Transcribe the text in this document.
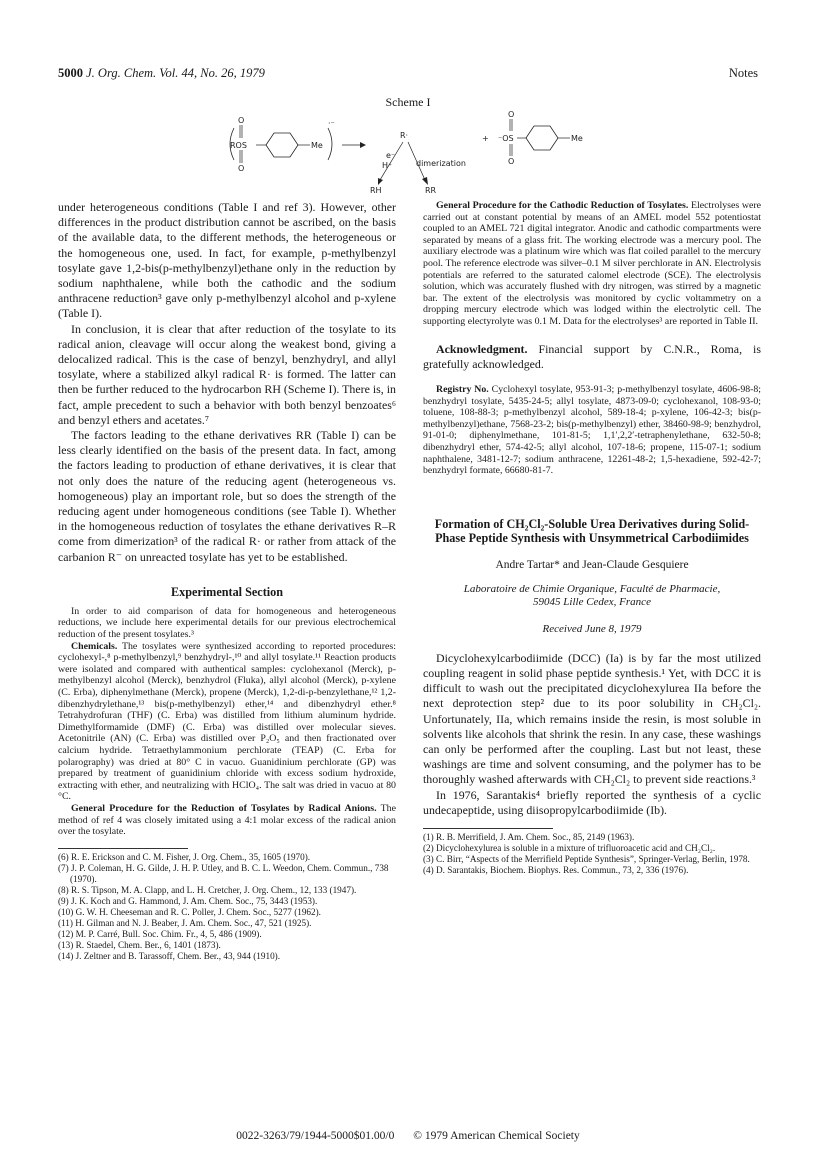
5000 J. Org. Chem. Vol. 44, No. 26, 1979	Notes
Scheme I
ROS
O
O
Me
·⁻
R·
e⁻
H⁺	dimerization
RH	RR
+ ⁻OS
O
O
Me

under heterogeneous conditions (Table I and ref 3). However, other differences in the product distribution cannot be ascribed, on the basis of the available data, to the different methods, the heterogeneous or the homogeneous one, used. In fact, for example, p-methylbenzyl tosylate gave 1,2-bis(p-methylbenzyl)ethane only in the reduction by sodium naphthalene, while both the cathodic and the sodium anthracene reduction³ gave only p-methylbenzyl alcohol and p-xylene (Table I).

In conclusion, it is clear that after reduction of the tosylate to its radical anion, cleavage will occur along the weakest bond, giving a delocalized radical. This is the case of benzyl, benzhydryl, and allyl tosylate, where a stabilized alkyl radical R· is formed. The latter can then be further reduced to the hydrocarbon RH (Scheme I). There is, in fact, ample precedent to such a behavior with both benzyl benzoates⁶ and benzyl ethers and acetates.⁷

The factors leading to the ethane derivatives RR (Table I) can be less clearly identified on the basis of the present data. In fact, among the factors leading to production of ethane derivatives, it is clear that not only does the nature of the reducing agent (heterogeneous vs. homogeneous) play an important role, but so does the strength of the reducing agent under homogeneous conditions (see Table I). Whether in the homogeneous reduction of tosylates the ethane derivatives R–R come from dimerization³ of the radical R· or rather from attack of the carbanion R⁻ on unreacted tosylate has yet to be established.

Experimental Section

In order to aid comparison of data for homogeneous and heterogeneous reductions, we include here experimental details for our previous electrochemical reduction of the present tosylates.³

Chemicals. The tosylates were synthesized according to reported procedures: cyclohexyl-,⁸ p-methylbenzyl,⁹ benzhydryl-,¹⁰ and allyl tosylate.¹¹ Reaction products were isolated and compared with authentical samples: cyclohexanol (Merck), p-methylbenzyl alcohol (Merck), benzhydrol (Fluka), allyl alcohol (Merck), p-xylene (C. Erba), diphenylmethane (Merck), propene (Merck), 1,2-di-p-benzylethane,¹² 1,2-dibenzhydrylethane,¹³ bis(p-methylbenzyl) ether,¹⁴ and dibenzhydryl ether.⁸ Tetrahydrofuran (THF) (C. Erba) was distilled from lithium aluminum hydride. Dimethylformamide (DMF) (C. Erba) was distilled over molecular sieves. Acetonitrile (AN) (C. Erba) was distilled over P₂O₅ and then fractionated over calcium hydride. Tetraethylammonium perchlorate (TEAP) (C. Erba for polarography) was dried at 80° C in vacuo. Guanidinium perchlorate (GP) was prepared by treatment of guanidinium chloride with excess sodium hydroxide, extracting with ether, and neutralizing with HClO₄. The salt was dried in vacuo at 80 °C.

General Procedure for the Reduction of Tosylates by Radical Anions. The method of ref 4 was closely imitated using a 4:1 molar excess of the radical anion over the tosylate.

(6) R. E. Erickson and C. M. Fisher, J. Org. Chem., 35, 1605 (1970).

(7) J. P. Coleman, H. G. Gilde, J. H. P. Utley, and B. C. L. Weedon, Chem. Commun., 738 (1970).

(8) R. S. Tipson, M. A. Clapp, and L. H. Cretcher, J. Org. Chem., 12, 133 (1947).

(9) J. K. Koch and G. Hammond, J. Am. Chem. Soc., 75, 3443 (1953).

(10) G. W. H. Cheeseman and R. C. Poller, J. Chem. Soc., 5277 (1962).

(11) H. Gilman and N. J. Beaber, J. Am. Chem. Soc., 47, 521 (1925).

(12) M. P. Carré, Bull. Soc. Chim. Fr., 4, 5, 486 (1909).

(13) R. Staedel, Chem. Ber., 6, 1401 (1873).

(14) J. Zeltner and B. Tarassoff, Chem. Ber., 43, 944 (1910).

General Procedure for the Cathodic Reduction of Tosylates. Electrolyses were carried out at constant potential by means of an AMEL model 552 potentiostat coupled to an AMEL 721 digital integrator. Anodic and cathodic compartments were separated by means of a glass frit. The working electrode was a mercury pool. The auxiliary electrode was a platinum wire which was flat coiled parallel to the mercury pool. The reference electrode was silver–0.1 M silver perchlorate in AN. Electrolysis potentials are referred to the saturated calomel electrode (SCE). The electrolysis solution, which was accurately flushed with dry nitrogen, was stirred by a magnetic bar. The extent of the electrolysis was monitored by cyclic voltammetry on a dropping mercury electrode which was lodged within the electrolytic cell. The supporting electyrolyte was 0.1 M. Data for the electrolyses³ are reported in Table II.

Acknowledgment. Financial support by C.N.R., Roma, is gratefully acknowledged.

Registry No. Cyclohexyl tosylate, 953-91-3; p-methylbenzyl tosylate, 4606-98-8; benzhydryl tosylate, 5435-24-5; allyl tosylate, 4873-09-0; cyclohexanol, 108-93-0; toluene, 108-88-3; p-methylbenzyl alcohol, 589-18-4; p-xylene, 106-42-3; bis(p-methylbenzyl)ethane, 7568-23-2; bis(p-methylbenzyl) ether, 38460-98-9; benzhydrol, 91-01-0; diphenylmethane, 101-81-5; 1,1′,2,2′-tetraphenylethane, 632-50-8; dibenzhydryl ether, 574-42-5; allyl alcohol, 107-18-6; propene, 115-07-1; sodium naphthalene, 3481-12-7; sodium anthracene, 12261-48-2; 1,5-hexadiene, 592-42-7; benzhydryl formate, 66680-81-7.

Formation of CH₂Cl₂-Soluble Urea Derivatives during Solid-Phase Peptide Synthesis with Unsymmetrical Carbodiimides
Andre Tartar* and Jean-Claude Gesquiere
Laboratoire de Chimie Organique, Faculté de Pharmacie,
59045 Lille Cedex, France
Received June 8, 1979

Dicyclohexylcarbodiimide (DCC) (Ia) is by far the most utilized coupling reagent in solid phase peptide synthesis.¹ Yet, with DCC it is difficult to wash out the precipitated dicyclohexylurea IIa before the next deprotection step² due to its poor solubility in CH₂Cl₂. Unfortunately, IIa, which remains inside the resin, is most soluble in solvents like alcohols that shrink the resin. In any case, these washings can only be performed after the coupling. Last but not least, these washings are time and solvent consuming, and the polymer has to be thoroughly washed afterwards with CH₂Cl₂ to prevent side reactions.³

In 1976, Sarantakis⁴ briefly reported the synthesis of a cyclic undecapeptide, using diisopropylcarbodiimide (Ib).

(1) R. B. Merrifield, J. Am. Chem. Soc., 85, 2149 (1963).

(2) Dicyclohexylurea is soluble in a mixture of trifluoroacetic acid and CH₂Cl₂.

(3) C. Birr, “Aspects of the Merrifield Peptide Synthesis”, Springer-Verlag, Berlin, 1978.

(4) D. Sarantakis, Biochem. Biophys. Res. Commun., 73, 2, 336 (1976).

0022-3263/79/1944-5000$01.00/0 © 1979 American Chemical Society
